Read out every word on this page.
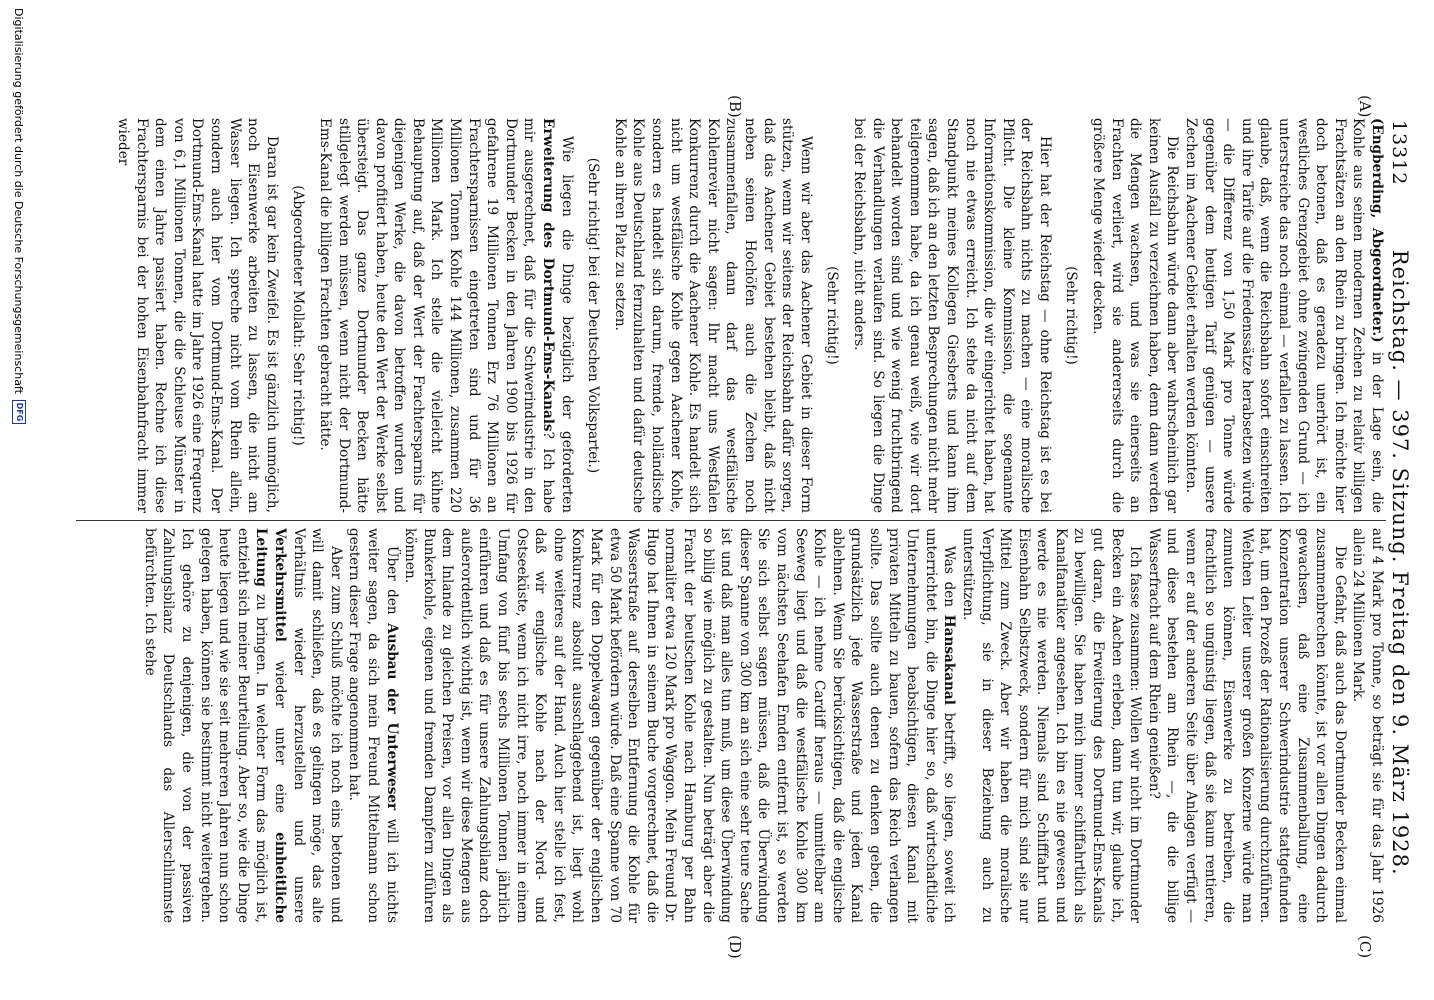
13312
Reichstag. — 397. Sitzung. Freitag den 9. März 1928.
(A)
(B)
(C)
(D)

(Engberding, Abgeordneter.) in der Lage sein, die Kohle aus seinen modernen Zechen zu relativ billigen Frachtsätzen an den Rhein zu bringen. Ich möchte hier doch betonen, daß es geradezu unerhört ist, ein westliches Grenzgebiet ohne zwingenden Grund — ich unterstreiche das noch einmal — verfallen zu lassen. Ich glaube, daß, wenn die Reichsbahn sofort einschreiten und ihre Tarife auf die Friedenssätze herabsetzen würde — die Differenz von 1,50 Mark pro Tonne würde gegenüber dem heutigen Tarif genügen — unsere Zechen im Aachener Gebiet erhalten werden könnten.

Die Reichsbahn würde dann aber wahrscheinlich gar keinen Ausfall zu verzeichnen haben, denn dann werden die Mengen wachsen, und was sie einerseits an Frachten verliert, wird sie andererseits durch die größere Menge wieder decken.

(Sehr richtig!)

Hier hat der Reichstag — ohne Reichstag ist es bei der Reichsbahn nichts zu machen — eine moralische Pflicht. Die kleine Kommission, die sogenannte Informationskommission, die wir eingerichtet haben, hat noch nie etwas erreicht. Ich stehe da nicht auf dem Standpunkt meines Kollegen Giesberts und kann ihm sagen, daß ich an den letzten Besprechungen nicht mehr teilgenommen habe, da ich genau weiß, wie wir dort behandelt worden sind und wie wenig fruchtbringend die Verhandlungen verlaufen sind. So liegen die Dinge bei der Reichsbahn, nicht anders.

(Sehr richtig!)

Wenn wir aber das Aachener Gebiet in dieser Form stützen, wenn wir seitens der Reichsbahn dafür sorgen, daß das Aachener Gebiet bestehen bleibt, daß nicht neben seinen Hochöfen auch die Zechen noch zusammenfallen, dann darf das westfälische Kohlenrevier nicht sagen: Ihr macht uns Westfalen Konkurrenz durch die Aachener Kohle. Es handelt sich nicht um westfälische Kohle gegen Aachener Kohle, sondern es handelt sich darum, fremde, holländische Kohle aus Deutschland fernzuhalten und dafür deutsche Kohle an ihren Platz zu setzen.

(Sehr richtig! bei der Deutschen Volkspartei.)

Wie liegen die Dinge bezüglich der geforderten Erweiterung des Dortmund-Ems-Kanals? Ich habe mir ausgerechnet, daß für die Schwerindustrie in den Dortmunder Becken in den Jahren 1900 bis 1926 für gefahrene 19 Millionen Tonnen Erz 76 Millionen an Frachtersparnissen eingetreten sind und für 36 Millionen Tonnen Kohle 144 Millionen, zusammen 220 Millionen Mark. Ich stelle die vielleicht kühne Behauptung auf, daß der Wert der Frachtersparnis für diejenigen Werke, die davon betroffen wurden und davon profitiert haben, heute den Wert der Werke selbst übersteigt. Das ganze Dortmunder Becken hätte stillgelegt werden müssen, wenn nicht der Dortmund-Ems-Kanal die billigen Frachten gebracht hätte.

(Abgeordneter Mollath: Sehr richtig!)

Daran ist gar kein Zweifel. Es ist gänzlich unmöglich, noch Eisenwerke arbeiten zu lassen, die nicht am Wasser liegen. Ich spreche nicht vom Rhein allein, sondern auch hier vom Dortmund-Ems-Kanal. Der Dortmund-Ems-Kanal hatte im Jahre 1926 eine Frequenz von 6,1 Millionen Tonnen, die die Schleuse Münster in dem einen Jahre passiert haben. Rechne ich diese Frachtersparnis bei der hohen Eisenbahnfracht immer wieder

auf 4 Mark pro Tonne, so beträgt sie für das Jahr 1926 allein 24 Millionen Mark.

Die Gefahr, daß auch das Dortmunder Becken einmal zusammenbrechen könnte, ist vor allen Dingen dadurch gewachsen, daß eine Zusammenballung, eine Konzentration unserer Schwerindustrie stattgefunden hat, um den Prozeß der Rationalisierung durchzuführen. Welchen Leiter unserer großen Konzerne würde man zumuten können, Eisenwerke zu betreiben, die frachtlich so ungünstig liegen, daß sie kaum rentieren, wenn er auf der anderen Seite über Anlagen verfügt — und diese bestehen am Rhein —, die die billige Wasserfracht auf dem Rhein genießen?

Ich fasse zusammen: Wollen wir nicht im Dortmunder Becken ein Aachen erleben, dann tun wir, glaube ich, gut daran, die Erweiterung des Dortmund-Ems-Kanals zu bewilligen. Sie haben mich immer schiffahrtlich als Kanalfanatiker angesehen. Ich bin es nie gewesen und werde es nie werden. Niemals sind Schifffahrt und Eisenbahn Selbstzweck, sondern für mich sind sie nur Mittel zum Zweck. Aber wir haben die moralische Verpflichtung, sie in dieser Beziehung auch zu unterstützen.

Was den Hansakanal betrifft, so liegen, soweit ich unterrichtet bin, die Dinge hier so, daß wirtschaftliche Unternehmungen beabsichtigen, diesen Kanal mit privaten Mitteln zu bauen, sofern das Reich verlangen sollte. Das sollte auch denen zu denken geben, die grundsätzlich jede Wasserstraße und jeden Kanal ablehnen. Wenn Sie berücksichtigen, daß die englische Kohle — ich nehme Cardiff heraus — unmittelbar am Seeweg liegt und daß die westfälische Kohle 300 km vom nächsten Seehafen Emden entfernt ist, so werden Sie sich selbst sagen müssen, daß die Überwindung dieser Spanne von 300 km an sich eine sehr teure Sache ist und daß man alles tun muß, um diese Überwindung so billig wie möglich zu gestalten. Nun beträgt aber die Fracht der beutschen Kohle nach Hamburg per Bahn normaliter etwa 120 Mark pro Waggon. Mein Freund Dr. Hugo hat Ihnen in seinem Buche vorgerechnet, daß die Wasserstraße auf derselben Entfernung die Kohle für etwa 50 Mark befördern würde. Daß eine Spanne von 70 Mark für den Doppelwagen gegenüber der englischen Konkurrenz absolut ausschlaggebend ist, liegt wohl ohne weiteres auf der Hand. Auch hier stelle ich fest, daß wir englische Kohle nach der Nord- und Ostseeküste, wenn ich nicht irre, noch immer in einem Umfang von fünf bis sechs Millionen Tonnen jährlich einführen und daß es für unsere Zahlungsbilanz doch außerordentlich wichtig ist, wenn wir diese Mengen aus dem Inlande zu gleichen Preisen, vor allen Dingen als Bunkerkohle, eigenen und fremden Dampfern zuführen können.

Über den Ausbau der Unterweser will ich nichts weiter sagen, da sich mein Freund Mittelmann schon gestern dieser Frage angenommen hat.

Aber zum Schluß möchte ich noch eins betonen und will damit schließen, daß es gelingen möge, das alte Verhältnis wieder herzustellen und unsere Verkehrsmittel wieder unter eine einheitliche Leitung zu bringen. In welcher Form das möglich ist, entzieht sich meiner Beurteilung. Aber so, wie die Dinge heute liegen und wie sie seit mehreren Jahren nun schon gelegen haben, können sie bestimmt nicht weitergehen. Ich gehöre zu denjenigen, die von der passiven Zahlungsbilanz Deutschlands das Allerschlimmste befürchten. Ich stehe

Digitalisierung gefördert durch die Deutsche Forschungsgemeinschaft
DFG
